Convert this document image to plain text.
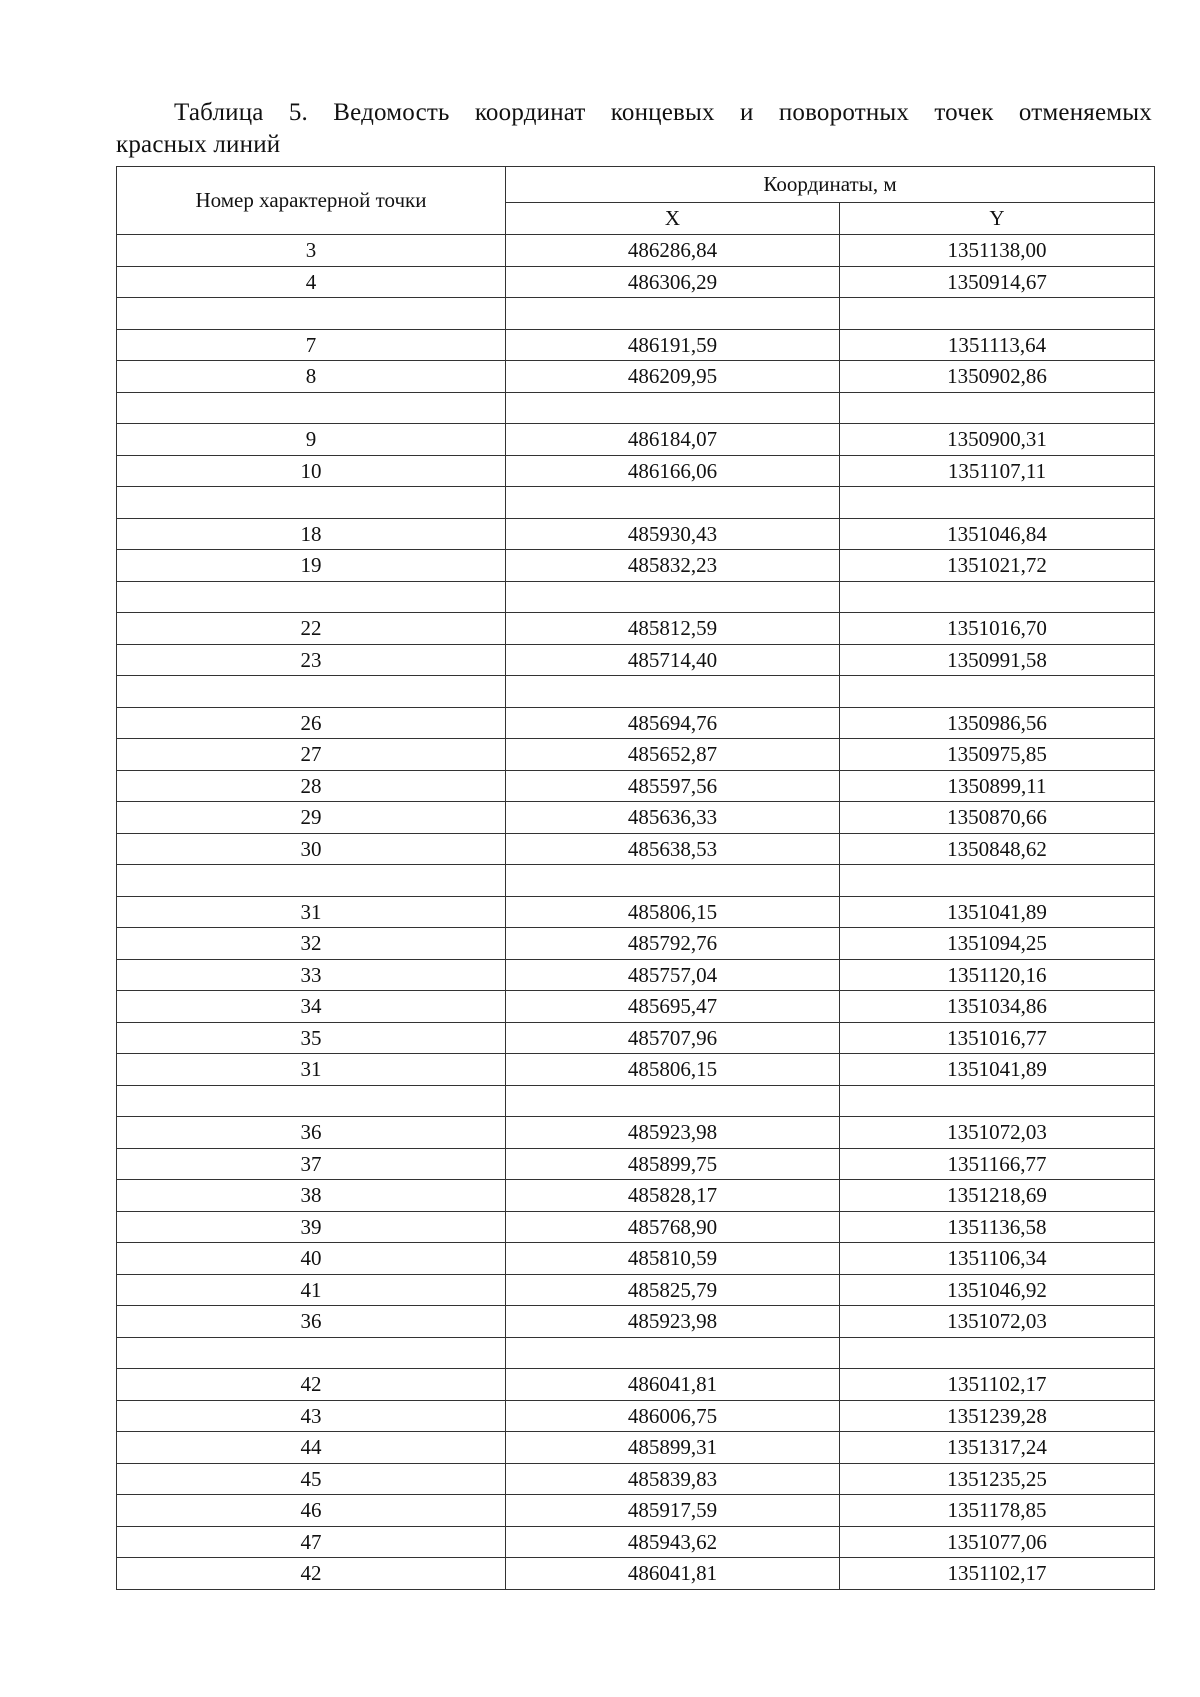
Таблица 5. Ведомость координат концевых и поворотных точек отменяемых
красных линий
Номер характерной точки	Координаты, м	
	X	Y
3	486286,84	1351138,00
4	486306,29	1350914,67

7	486191,59	1351113,64
8	486209,95	1350902,86

9	486184,07	1350900,31
10	486166,06	1351107,11

18	485930,43	1351046,84
19	485832,23	1351021,72

22	485812,59	1351016,70
23	485714,40	1350991,58

26	485694,76	1350986,56
27	485652,87	1350975,85
28	485597,56	1350899,11
29	485636,33	1350870,66
30	485638,53	1350848,62

31	485806,15	1351041,89
32	485792,76	1351094,25
33	485757,04	1351120,16
34	485695,47	1351034,86
35	485707,96	1351016,77
31	485806,15	1351041,89

36	485923,98	1351072,03
37	485899,75	1351166,77
38	485828,17	1351218,69
39	485768,90	1351136,58
40	485810,59	1351106,34
41	485825,79	1351046,92
36	485923,98	1351072,03

42	486041,81	1351102,17
43	486006,75	1351239,28
44	485899,31	1351317,24
45	485839,83	1351235,25
46	485917,59	1351178,85
47	485943,62	1351077,06
42	486041,81	1351102,17
